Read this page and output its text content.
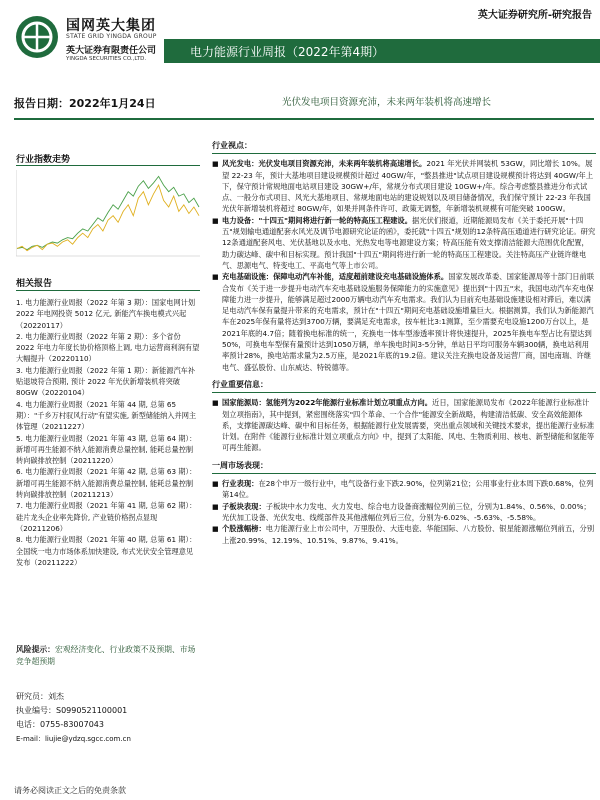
国网英大集团
STATE GRID YINGDA GROUP
英大证券有限责任公司
YINGDA SECURITIES CO.,LTD.
英大证券研究所-研究报告
电力能源行业周报（2022年第4期）
报告日期：2022年1月24日	光伏发电项目资源充沛，未来两年装机将高速增长
行业指数走势
相关报告
1. 电力能源行业周报（2022 年第 3 期）：国家电网计划 2022 年电网投资 5012 亿元, 新能汽车换电模式兴起（20220117）
2. 电力能源行业周报（2022 年第 2 期）：多个省份 2022 年电力年度长协价格顶格上调, 电力运营商利润有望大幅提升（20220110）
3. 电力能源行业周报（2022 年第 1 期）：新能源汽车补贴退坡符合预期, 预计 2022 年光伏新增装机将突破 80GW（20220104）
4. 电力能源行业周报（2021 年第 44 期, 总第 65 期）："千乡万村驭风行动"有望实施, 新型储能纳入并网主体管理（20211227）
5. 电力能源行业周报（2021 年第 43 期, 总第 64 期）：新增可再生能源不纳入能源消费总量控制, 能耗总量控制转向碳排放控制（20211220）
6. 电力能源行业周报（2021 年第 42 期, 总第 63 期）：新增可再生能源不纳入能源消费总量控制, 能耗总量控制转向碳排放控制（20211213）
7. 电力能源行业周报（2021 年第 41 期, 总第 62 期）：硅片龙头企业率先降价, 产业链价格拐点显现（20211206）
8. 电力能源行业周报（2021 年第 40 期, 总第 61 期）：全国统一电力市场体系加快建设, 布式光伏安全管理意见发布（20211222）
风险提示：宏观经济变化、行业政策不及预期、市场竞争超预期
研究员：刘杰
执业编号：S0990521100001
电话：0755-83007043
E-mail：liujie@ydzq.sgcc.com.cn
请务必阅读正文之后的免责条款
行业视点：
■ 风光发电：光伏发电项目资源充沛，未来两年装机将高速增长。2021 年光伏并网装机 53GW，同比增长 10%。展望 22-23 年，预计大基地项目建设规模预计超过 40GW/年，"整县推进"试点项目建设规模预计将达到 40GW/年上下，保守预计常规地面电站项目建设 30GW+/年，常规分布式项目建设 10GW+/年。综合考虑整县推进分布式试点、一般分布式项目、风光大基地项目、常规地面电站的建设规划以及项目储备情况，我们保守预计 22-23 年我国光伏年新增装机将超过 80GW/年，如果并网条件许可、政策无调整，年新增装机规模有可能突破 100GW。
■ 电力设备："十四五"期间将进行新一轮的特高压工程建设。据光伏们报道，近期能源局发布《关于委托开展"十四五"规划输电通道配套水风光及调节电源研究论证的函》，委托就"十四五"规划的12条特高压通道进行研究论证。研究12条通道配套风电、光伏基地以及水电、光热发电等电源建设方案；特高压能有效支撑清洁能源大范围优化配置，助力碳达峰、碳中和目标实现。预计我国"十四五"期间将进行新一轮的特高压工程建设。关注特高压产业链许继电气、思源电气、特变电工、平高电气等上市公司。
■ 充电基础设施：保障电动汽车补能，适度超前建设充电基础设施体系。国家发展改革委、国家能源局等十部门日前联合发布《关于进一步提升电动汽车充电基础设施服务保障能力的实施意见》提出到"十四五"末，我国电动汽车充电保障能力进一步提升，能够满足超过2000万辆电动汽车充电需求。我们认为目前充电基础设施建设相对滞后，难以满足电动汽车保有量提升带来的充电需求，预计在"十四五"期间充电基础设施增量巨大。根据测算，我们认为新能源汽车在2025年保有量将达到3700万辆，要满足充电需求，按车桩比3:1测算，至少需要充电设施1200万台以上，是2021年底的4.7倍；随着换电标准的统一，充换电一体车型渗透率预计将快速提升，2025年换电车型占比有望达到50%，可换电车型保有量预计达到1050万辆，单车换电时间3-5分钟，单站日平均可服务车辆300辆，换电站利用率预计28%，换电站需求量为2.5万座，是2021年底的19.2倍。建议关注充换电设备及运营厂商，国电南瑞、许继电气、盛弘股份、山东威达、特锐德等。
行业重要信息：
■ 国家能源局：氢能列为2022年能源行业标准计划立项重点方向。近日，国家能源局发布《2022年能源行业标准计划立项指南》，其中提到，紧密围绕落实"四个革命、一个合作"能源安全新战略，构建清洁低碳、安全高效能源体系，支撑能源碳达峰、碳中和目标任务，根据能源行业发展需要，突出重点领域和关键技术要求，提出能源行业标准计划。在附件《能源行业标准计划立项重点方向》中，提到了太阳能、风电、生物质利用、核电、新型储能和氢能等可再生能源。
一周市场表现：
■ 行业表现：在28个申万一级行业中，电气设备行业下跌2.90%，位列第21位；公用事业行业本周下跌0.68%，位列第14位。
■ 子板块表现：子板块中水力发电、火力发电、综合电力设备商涨幅位列前三位，分别为1.84%、0.56%、0.00%；光伏加工设备、光伏发电、线缆部件及其他涨幅位列后三位，分别为-6.02%、-5.63%、-5.58%。
■ 个股涨幅榜：电力能源行业上市公司中，万里股份、大连电瓷、华能国际、八方股份、银星能源涨幅位列前五，分别上涨20.99%、12.19%、10.51%、9.87%、9.41%。
